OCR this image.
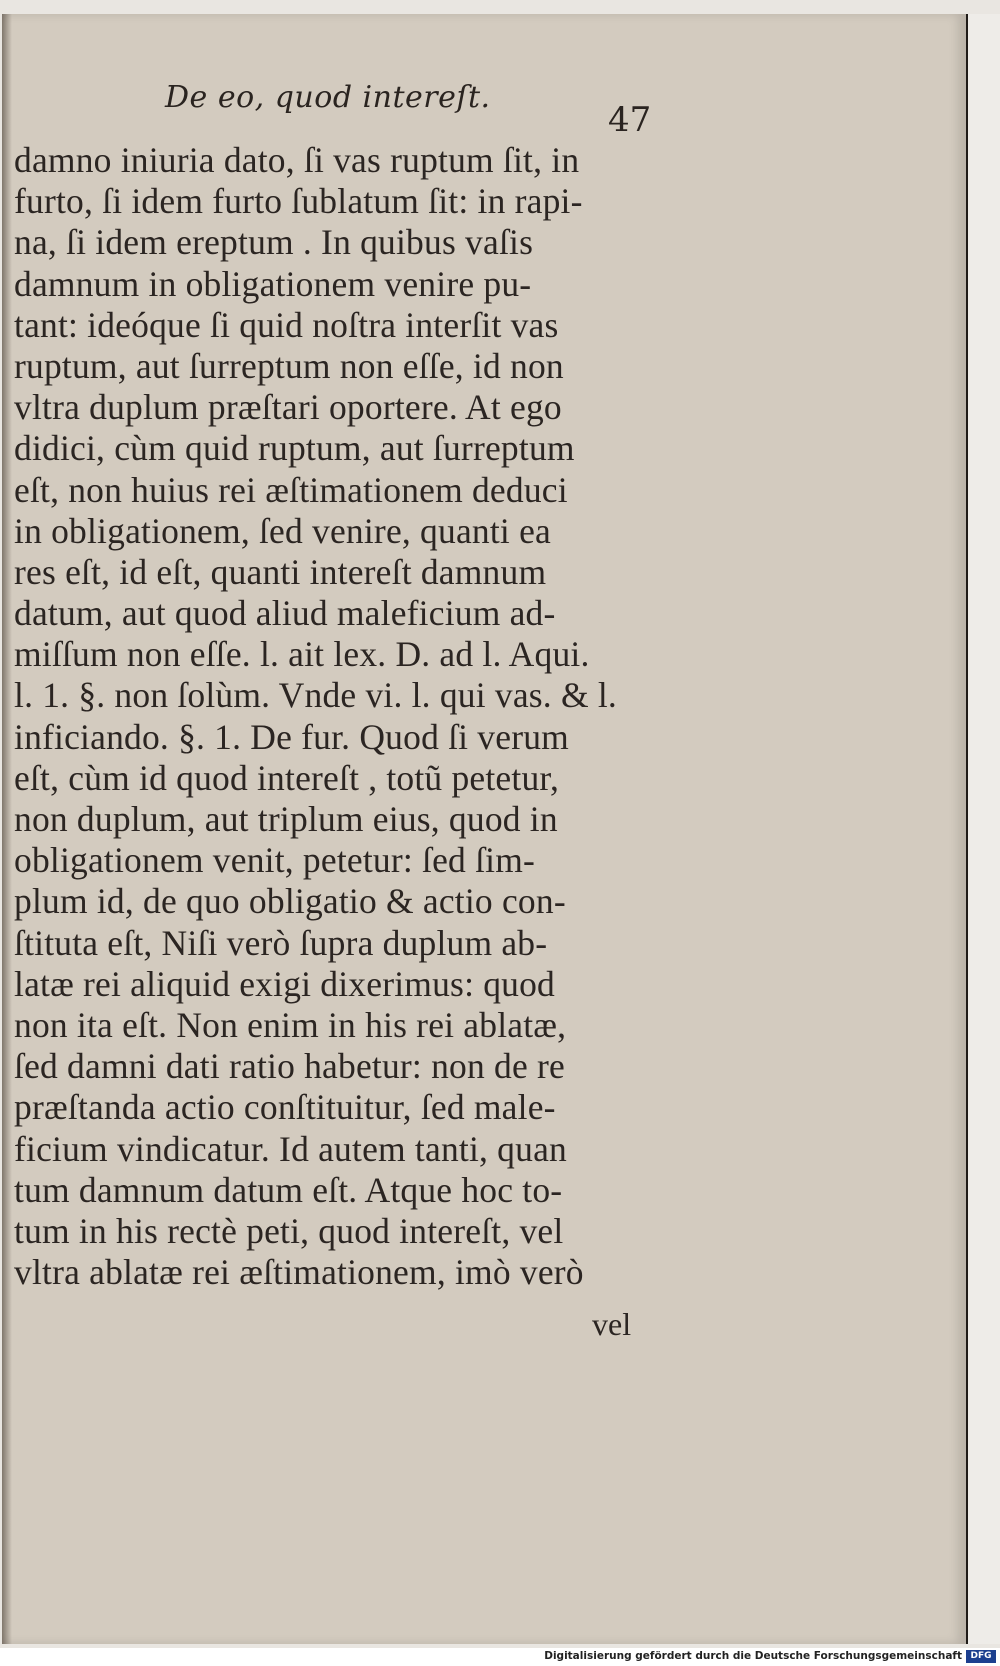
De eo, quod intereſt.
47
damno iniuria dato, ſi vas ruptum ſit, in
furto, ſi idem furto ſublatum ſit: in rapi-
na, ſi idem ereptum . In quibus vaſis
damnum in obligationem venire pu-
tant: ideóque ſi quid noſtra interſit vas
ruptum, aut ſurreptum non eſſe, id non
vltra duplum præſtari oportere. At ego
didici, cùm quid ruptum, aut ſurreptum
eſt, non huius rei æſtimationem deduci
in obligationem, ſed venire, quanti ea
res eſt, id eſt, quanti intereſt damnum
datum, aut quod aliud maleficium ad-
miſſum non eſſe. l. ait lex. D. ad l. Aqui.
l. 1. §. non ſolùm. Vnde vi. l. qui vas. & l.
inficiando. §. 1. De fur. Quod ſi verum
eſt, cùm id quod intereſt , totũ petetur,
non duplum, aut triplum eius, quod in
obligationem venit, petetur: ſed ſim-
plum id, de quo obligatio & actio con-
ſtituta eſt, Niſi verò ſupra duplum ab-
latæ rei aliquid exigi dixerimus: quod
non ita eſt. Non enim in his rei ablatæ,
ſed damni dati ratio habetur: non de re
præſtanda actio conſtituitur, ſed male-
ficium vindicatur. Id autem tanti, quan
tum damnum datum eſt. Atque hoc to-
tum in his rectè peti, quod intereſt, vel
vltra ablatæ rei æſtimationem, imò verò
vel
Digitalisierung gefördert durch die Deutsche Forschungsgemeinschaft DFG
